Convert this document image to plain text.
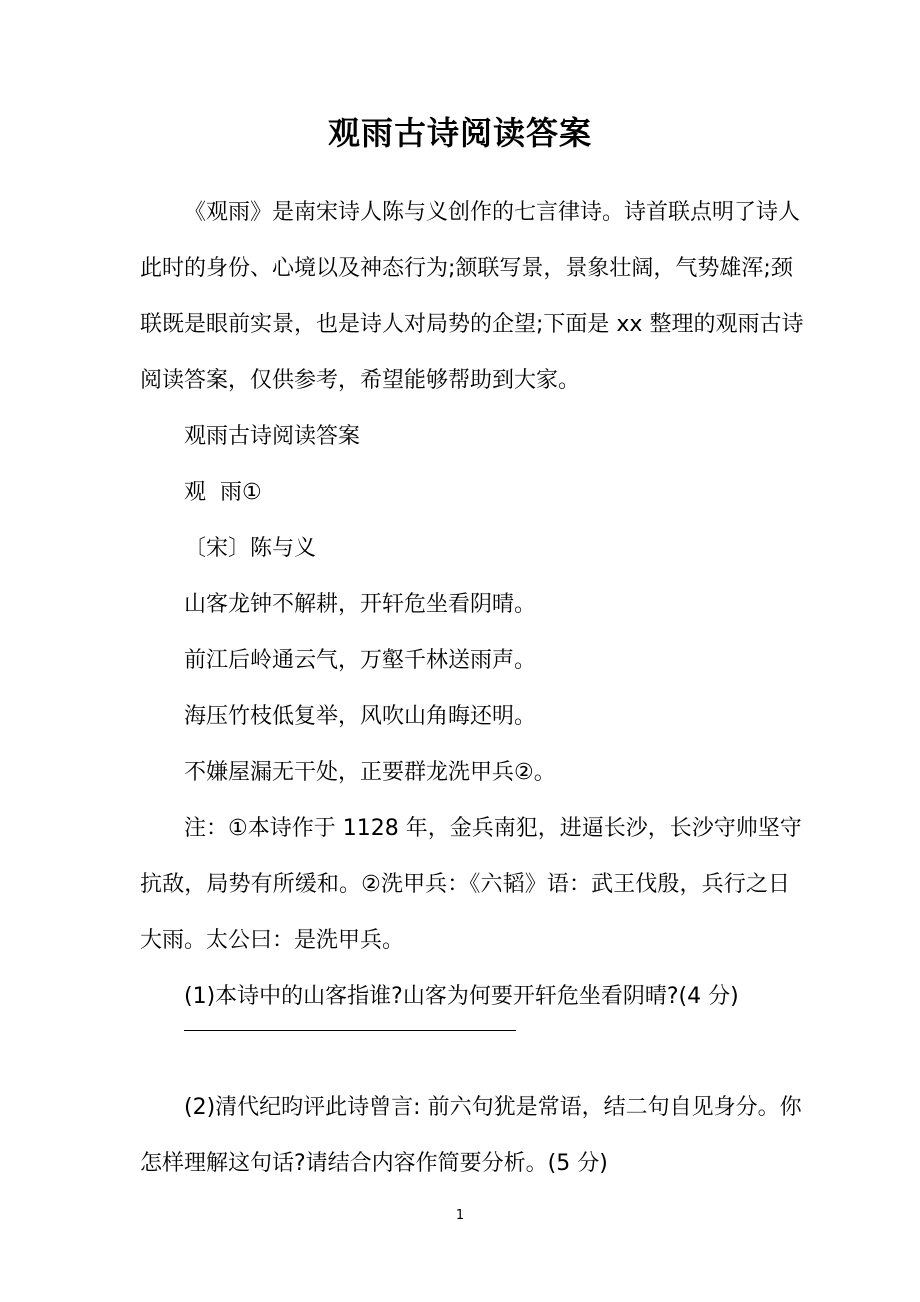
观雨古诗阅读答案
《观雨》是南宋诗人陈与义创作的七言律诗。诗首联点明了诗人
此时的身份、心境以及神态行为;颔联写景，景象壮阔，气势雄浑;颈
联既是眼前实景，也是诗人对局势的企望;下面是 xx 整理的观雨古诗
阅读答案，仅供参考，希望能够帮助到大家。
观雨古诗阅读答案
观  雨①
〔宋〕陈与义
山客龙钟不解耕，开轩危坐看阴晴。
前江后岭通云气，万壑千林送雨声。
海压竹枝低复举，风吹山角晦还明。
不嫌屋漏无干处，正要群龙洗甲兵②。
注：①本诗作于 1128 年，金兵南犯，进逼长沙，长沙守帅坚守
抗敌，局势有所缓和。②洗甲兵：《六韬》语：武王伐殷，兵行之日
大雨。太公曰：是洗甲兵。
(1)本诗中的山客指谁?山客为何要开轩危坐看阴晴?(4 分)
(2)清代纪昀评此诗曾言: 前六句犹是常语，结二句自见身分。你
怎样理解这句话?请结合内容作简要分析。(5 分)
1
